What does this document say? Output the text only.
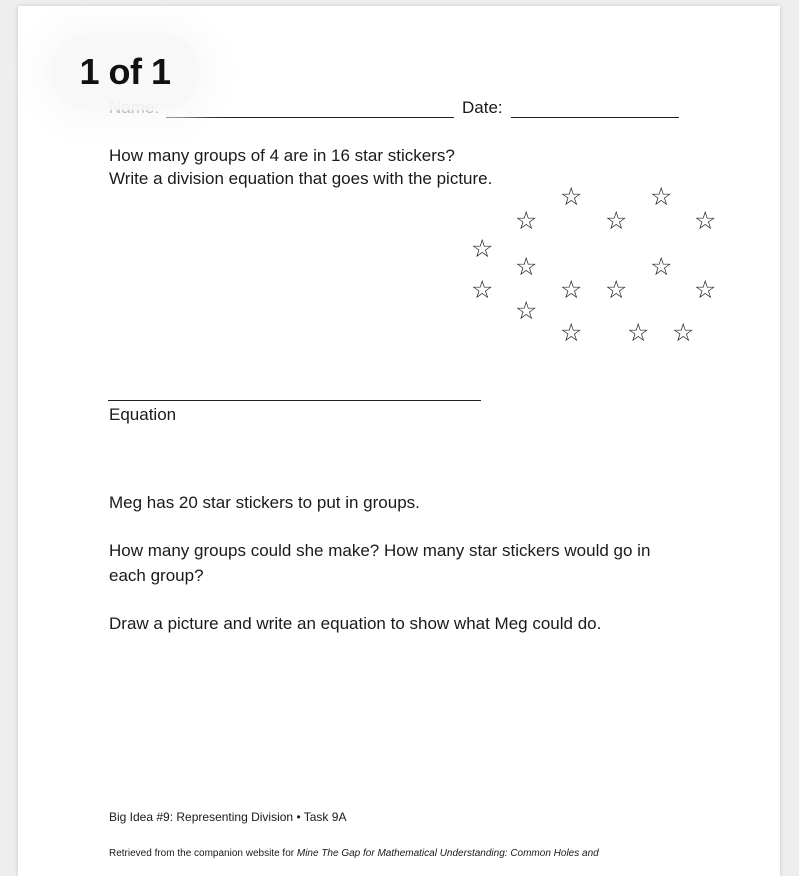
1 of 1
Date:
How many groups of 4 are in 16 star stickers?
Write a division equation that goes with the picture.
☆	☆
☆	☆	☆
☆
☆	☆
☆	☆ ☆	☆
☆
☆ ☆ ☆
Equation
Meg has 20 star stickers to put in groups.
How many groups could she make? How many star stickers would go in
each group?
Draw a picture and write an equation to show what Meg could do.
Big Idea #9: Representing Division • Task 9A
Retrieved from the companion website for Mine The Gap for Mathematical Understanding: Common Holes and
